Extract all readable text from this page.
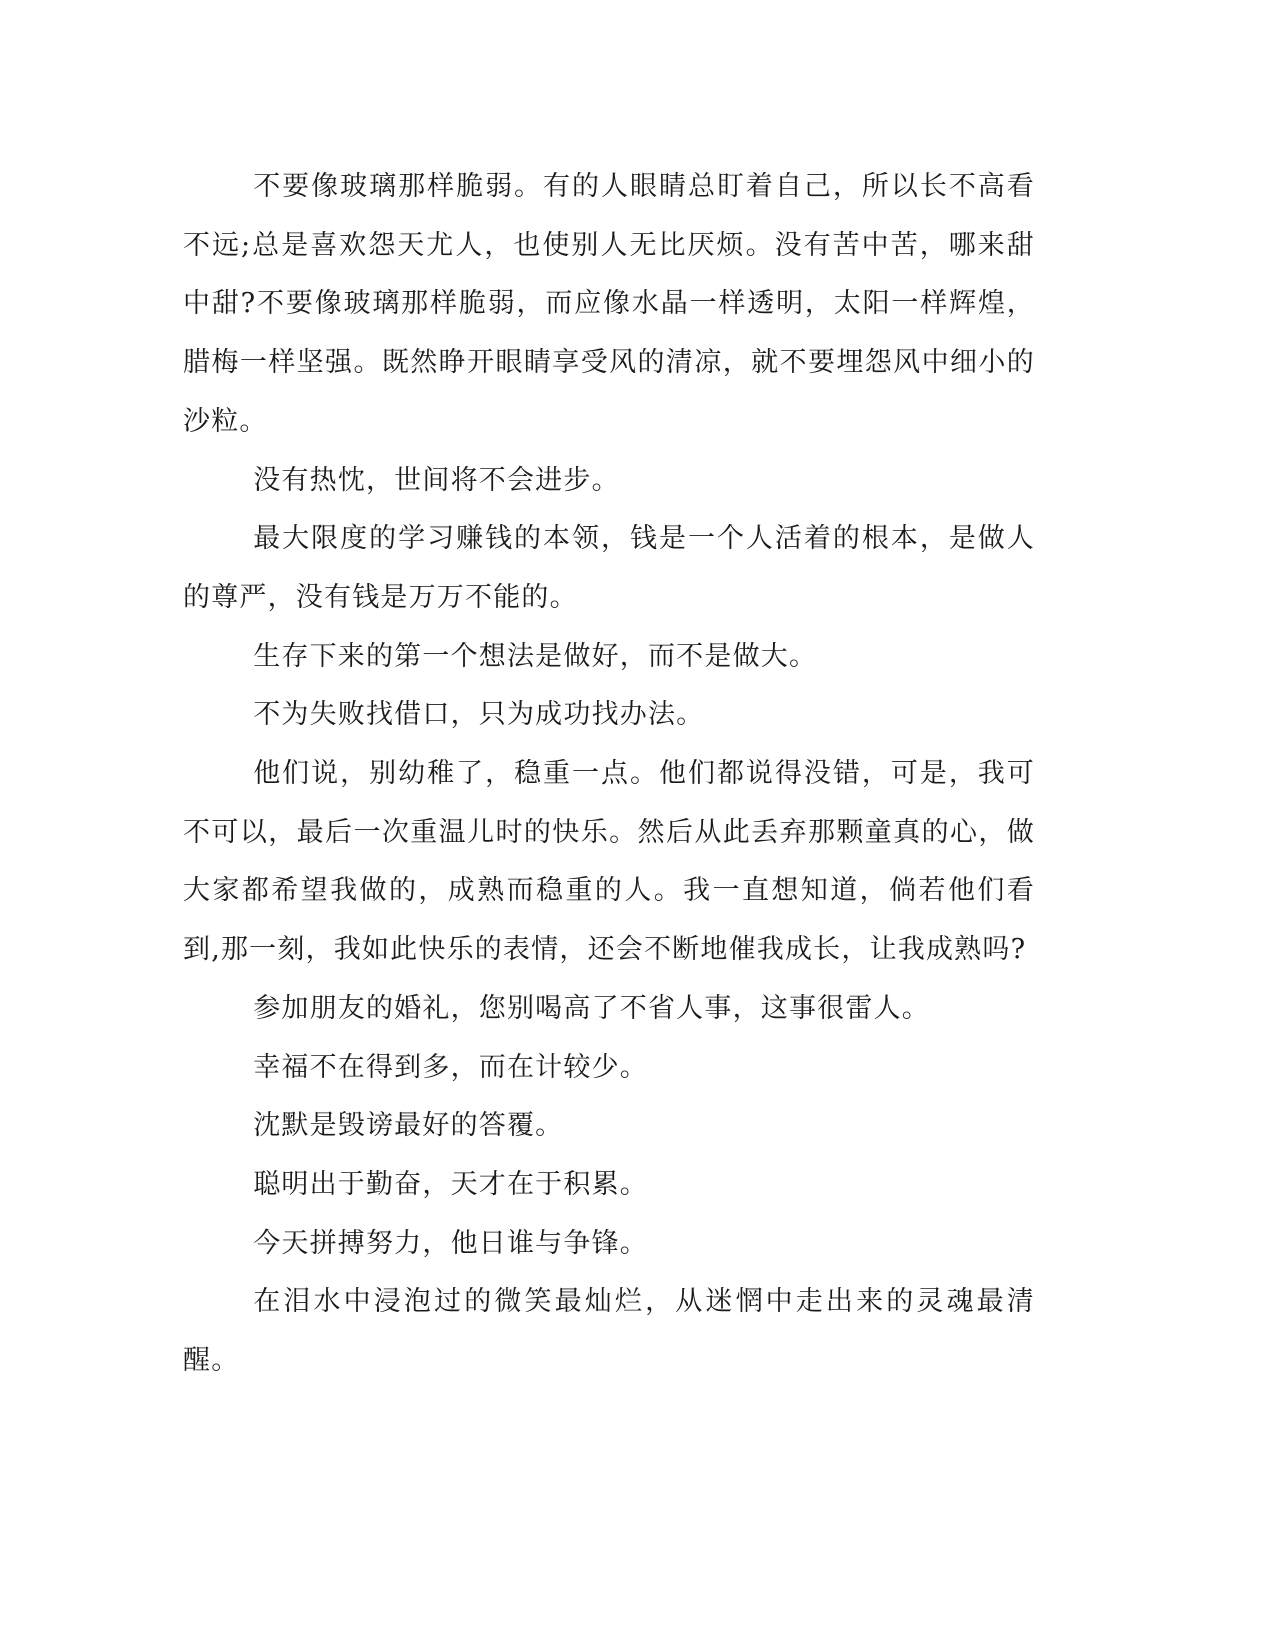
不要像玻璃那样脆弱。有的人眼睛总盯着自己，所以长不高看不远;总是喜欢怨天尤人，也使别人无比厌烦。没有苦中苦，哪来甜中甜?不要像玻璃那样脆弱，而应像水晶一样透明，太阳一样辉煌，腊梅一样坚强。既然睁开眼睛享受风的清凉，就不要埋怨风中细小的沙粒。

没有热忱，世间将不会进步。

最大限度的学习赚钱的本领，钱是一个人活着的根本，是做人的尊严，没有钱是万万不能的。

生存下来的第一个想法是做好，而不是做大。

不为失败找借口，只为成功找办法。

他们说，别幼稚了，稳重一点。他们都说得没错，可是，我可不可以，最后一次重温儿时的快乐。然后从此丢弃那颗童真的心，做大家都希望我做的，成熟而稳重的人。我一直想知道，倘若他们看到,那一刻，我如此快乐的表情，还会不断地催我成长，让我成熟吗?

参加朋友的婚礼，您别喝高了不省人事，这事很雷人。

幸福不在得到多，而在计较少。

沈默是毁谤最好的答覆。

聪明出于勤奋，天才在于积累。

今天拼搏努力，他日谁与争锋。

在泪水中浸泡过的微笑最灿烂，从迷惘中走出来的灵魂最清醒。
